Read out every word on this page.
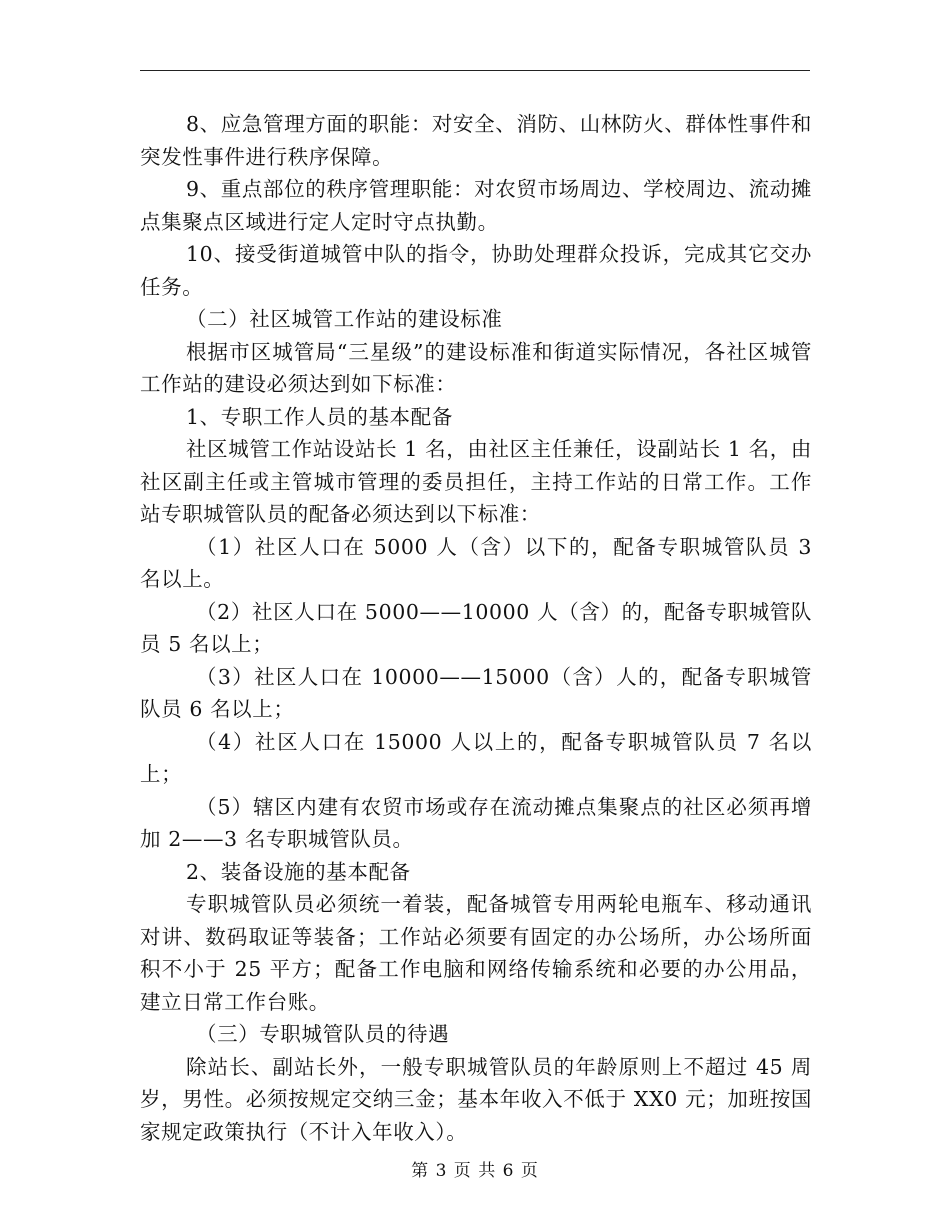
8、应急管理方面的职能：对安全、消防、山林防火、群体性事件和突发性事件进行秩序保障。

9、重点部位的秩序管理职能：对农贸市场周边、学校周边、流动摊点集聚点区域进行定人定时守点执勤。

10、接受街道城管中队的指令，协助处理群众投诉，完成其它交办任务。

（二）社区城管工作站的建设标准

根据市区城管局“三星级”的建设标准和街道实际情况，各社区城管工作站的建设必须达到如下标准：

1、专职工作人员的基本配备

社区城管工作站设站长 1 名，由社区主任兼任，设副站长 1 名，由社区副主任或主管城市管理的委员担任，主持工作站的日常工作。工作站专职城管队员的配备必须达到以下标准：

（1）社区人口在 5000 人（含）以下的，配备专职城管队员 3 名以上。

（2）社区人口在 5000——10000 人（含）的，配备专职城管队员 5 名以上；

（3）社区人口在 10000——15000（含）人的，配备专职城管队员 6 名以上；

（4）社区人口在 15000 人以上的，配备专职城管队员 7 名以上；

（5）辖区内建有农贸市场或存在流动摊点集聚点的社区必须再增加 2——3 名专职城管队员。

2、装备设施的基本配备

专职城管队员必须统一着装，配备城管专用两轮电瓶车、移动通讯对讲、数码取证等装备；工作站必须要有固定的办公场所，办公场所面积不小于 25 平方；配备工作电脑和网络传输系统和必要的办公用品，建立日常工作台账。

（三）专职城管队员的待遇

除站长、副站长外，一般专职城管队员的年龄原则上不超过 45 周岁，男性。必须按规定交纳三金；基本年收入不低于 XX0 元；加班按国家规定政策执行（不计入年收入）。

第 3 页 共 6 页
